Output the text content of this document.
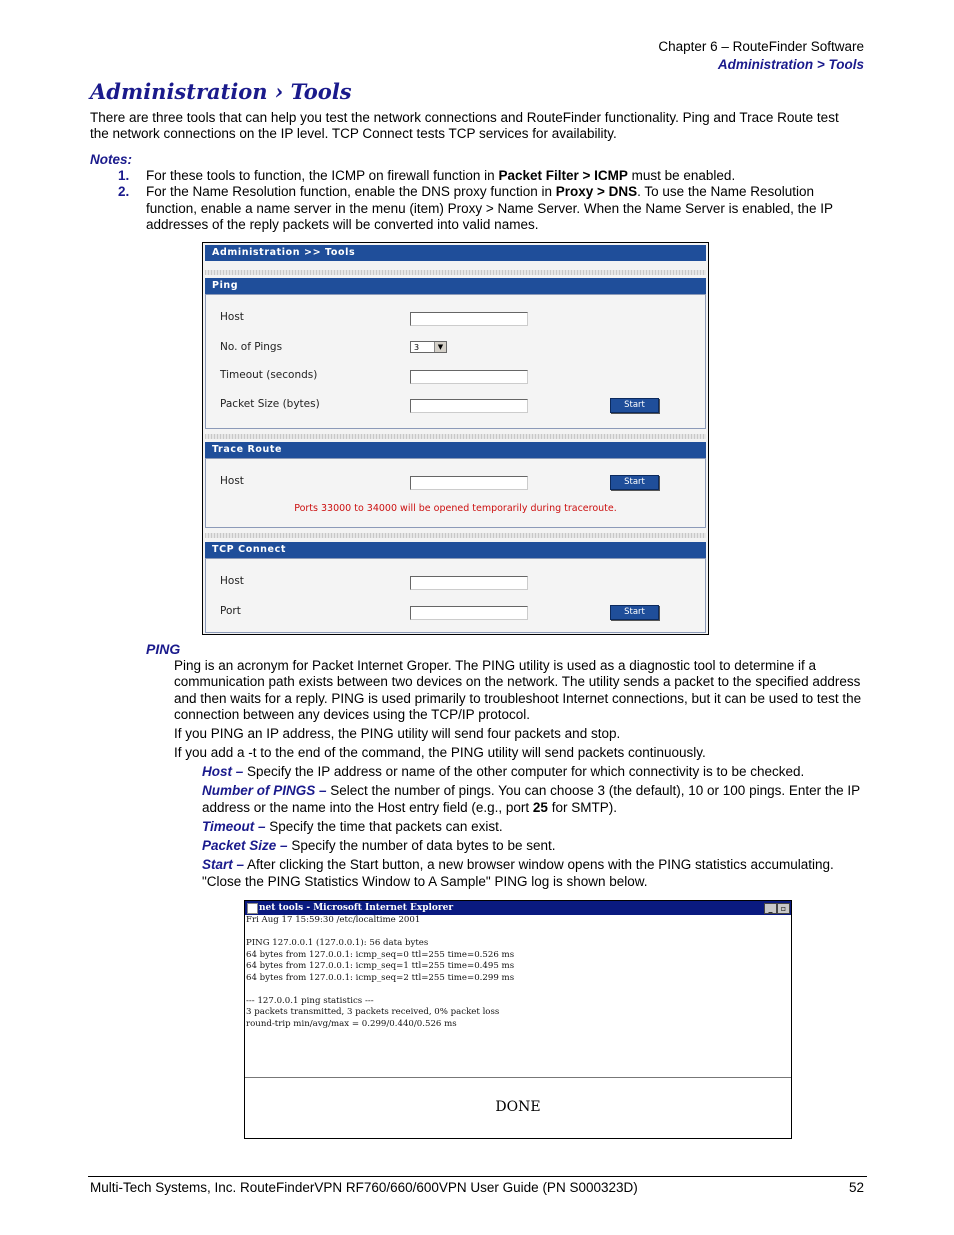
Chapter 6 – RouteFinder Software
Administration > Tools
Administration › Tools
There are three tools that can help you test the network connections and RouteFinder functionality. Ping and Trace Route test the network connections on the IP level. TCP Connect tests TCP services for availability.
Notes:
1.	For these tools to function, the ICMP on firewall function in Packet Filter > ICMP must be enabled.
2.	For the Name Resolution function, enable the DNS proxy function in Proxy > DNS. To use the Name Resolution function, enable a name server in the menu (item) Proxy > Name Server. When the Name Server is enabled, the IP addresses of the reply packets will be converted into valid names.
Administration >> Tools
Ping
Host
No. of Pings	3	▼
Timeout (seconds)
Packet Size (bytes)	Start
Trace Route
Host	Start
Ports 33000 to 34000 will be opened temporarily during traceroute.
TCP Connect
Host
Port	Start
PING
Ping is an acronym for Packet Internet Groper. The PING utility is used as a diagnostic tool to determine if a communication path exists between two devices on the network. The utility sends a packet to the specified address and then waits for a reply. PING is used primarily to troubleshoot Internet connections, but it can be used to test the connection between any devices using the TCP/IP protocol.
If you PING an IP address, the PING utility will send four packets and stop.
If you add a -t to the end of the command, the PING utility will send packets continuously.
Host – Specify the IP address or name of the other computer for which connectivity is to be checked.
Number of PINGS – Select the number of pings. You can choose 3 (the default), 10 or 100 pings. Enter the IP address or the name into the Host entry field (e.g., port 25 for SMTP).
Timeout – Specify the time that packets can exist.
Packet Size – Specify the number of data bytes to be sent.
Start – After clicking the Start button, a new browser window opens with the PING statistics accumulating. "Close the PING Statistics Window to A Sample" PING log is shown below.
net tools - Microsoft Internet Explorer	_	▫
Fri Aug 17 15:59:30 /etc/localtime 2001

PING 127.0.0.1 (127.0.0.1): 56 data bytes
64 bytes from 127.0.0.1: icmp_seq=0 ttl=255 time=0.526 ms
64 bytes from 127.0.0.1: icmp_seq=1 ttl=255 time=0.495 ms
64 bytes from 127.0.0.1: icmp_seq=2 ttl=255 time=0.299 ms

--- 127.0.0.1 ping statistics ---
3 packets transmitted, 3 packets received, 0% packet loss
round-trip min/avg/max = 0.299/0.440/0.526 ms
DONE
Multi-Tech Systems, Inc. RouteFinderVPN RF760/660/600VPN User Guide (PN S000323D)	52
